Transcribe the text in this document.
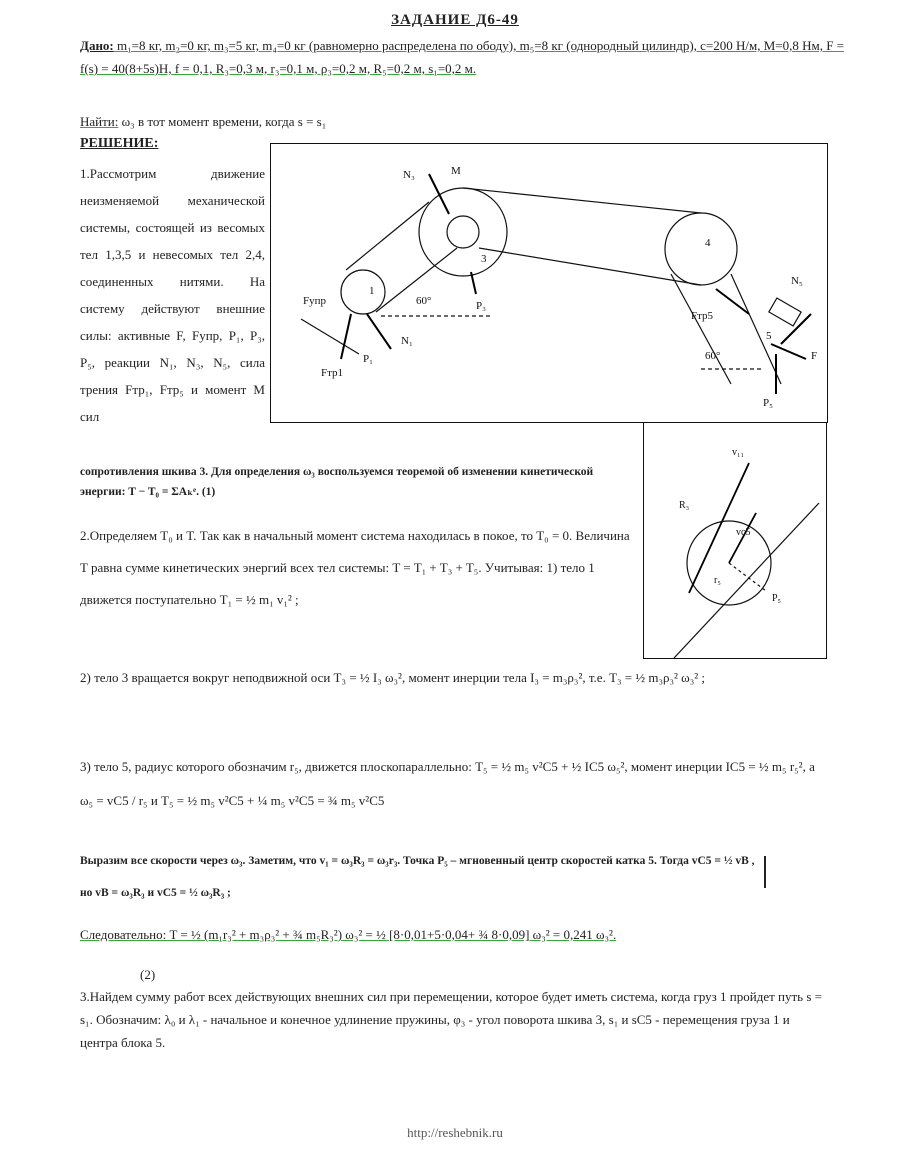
ЗАДАНИЕ Д6-49
Дано: m₁=8 кг, m₂=0 кг, m₃=5 кг, m₄=0 кг (равномерно распределена по ободу), m₅=8 кг (однородный цилиндр), c=200 Н/м, M=0,8 Нм, F = f(s) = 40(8+5s)Н, f = 0,1, R₃=0,3 м, r₃=0,1 м, ρ₃=0,2 м, R₅=0,2 м, s₁=0,2 м.
Найти: ω₃ в тот момент времени, когда s = s₁
РЕШЕНИЕ:
1.Рассмотрим движение неизменяемой механической системы, состоящей из весомых тел 1,3,5 и невесомых тел 2,4, соединенных нитями. На систему действуют внешние силы: активные F, Fупр, P₁, P₃, P₅, реакции N₁, N₃, N₅, сила трения Fтр₁, Fтр₅ и момент M сил
N₃	M
3
P₃
60°
Fупр
1
N₁
Fтр1
P₁
4
N₅
Fтр5
5
F
60°
P₅
v₁₁
R₃
vc5
r₅
P₅
сопротивления шкива 3. Для определения ω₃ воспользуемся теоремой об изменении кинетической энергии: T − T₀ = ΣAₖᵉ. (1)
2.Определяем T₀ и T. Так как в начальный момент система находилась в покое, то T₀ = 0. Величина T равна сумме кинетических энергий всех тел системы: T = T₁ + T₃ + T₅. Учитывая: 1) тело 1 движется поступательно T₁ = ½ m₁ v₁² ;
2) тело 3 вращается вокруг неподвижной оси T₃ = ½ I₃ ω₃², момент инерции тела I₃ = m₃ρ₃², т.е. T₃ = ½ m₃ρ₃² ω₃² ;
3) тело 5, радиус которого обозначим r₅, движется плоскопараллельно: T₅ = ½ m₅ v²C5 + ½ IC5 ω₅², момент инерции IC5 = ½ m₅ r₅², а ω₅ = vC5 / r₅ и T₅ = ½ m₅ v²C5 + ¼ m₅ v²C5 = ¾ m₅ v²C5
Выразим все скорости через ω₃. Заметим, что v₁ = ω₃R₃ = ω₃r₃. Точка P₅ – мгновенный центр скоростей катка 5. Тогда vC5 = ½ vB , но vB = ω₃R₃ и vC5 = ½ ω₃R₃ ;
Следовательно: T = ½ (m₁r₃² + m₃ρ₃² + ¾ m₅R₃²) ω₃² = ½ [8·0,01+5·0,04+ ¾ 8·0,09] ω₃² = 0,241 ω₃².
(2)
3.Найдем сумму работ всех действующих внешних сил при перемещении, которое будет иметь система, когда груз 1 пройдет путь s = s₁. Обозначим: λ₀ и λ₁ - начальное и конечное удлинение пружины, φ₃ - угол поворота шкива 3, s₁ и sC5 - перемещения груза 1 и центра блока 5.
http://reshebnik.ru
